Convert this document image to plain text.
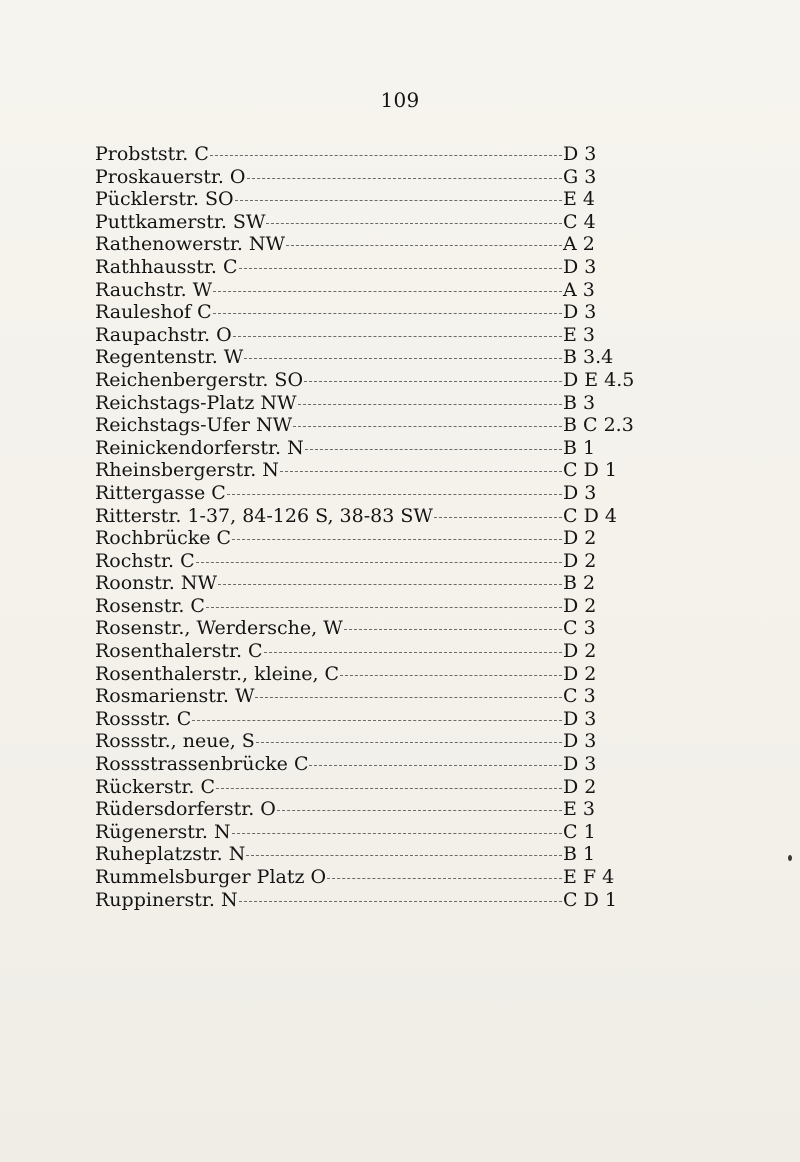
109
Probststr. C	D 3
Proskauerstr. O	G 3
Pücklerstr. SO	E 4
Puttkamerstr. SW	C 4
Rathenowerstr. NW	A 2
Rathhausstr. C	D 3
Rauchstr. W	A 3
Rauleshof C	D 3
Raupachstr. O	E 3
Regentenstr. W	B 3.4
Reichenbergerstr. SO	D E 4.5
Reichstags-Platz NW	B 3
Reichstags-Ufer NW	B C 2.3
Reinickendorferstr. N	B 1
Rheinsbergerstr. N	C D 1
Rittergasse C	D 3
Ritterstr. 1-37, 84-126 S, 38-83 SW	C D 4
Rochbrücke C	D 2
Rochstr. C	D 2
Roonstr. NW	B 2
Rosenstr. C	D 2
Rosenstr., Werdersche, W	C 3
Rosenthalerstr. C	D 2
Rosenthalerstr., kleine, C	D 2
Rosmarienstr. W	C 3
Rossstr. C	D 3
Rossstr., neue, S	D 3
Rossstrassenbrücke C	D 3
Rückerstr. C	D 2
Rüdersdorferstr. O	E 3
Rügenerstr. N	C 1
Ruheplatzstr. N	B 1
Rummelsburger Platz O	E F 4
Ruppinerstr. N	C D 1
